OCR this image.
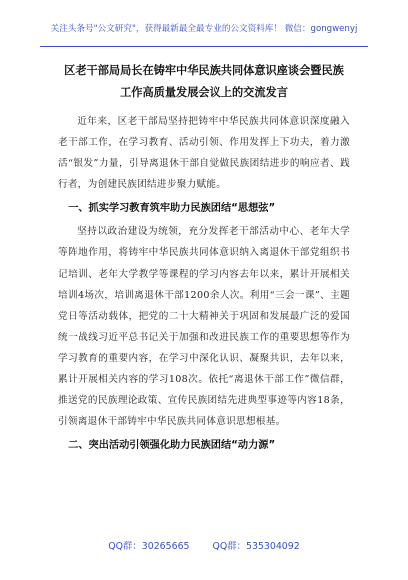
关注头条号"公文研究"，获得最新最全最专业的公文资料库！ 微信：gongwenyj
区老干部局局长在铸牢中华民族共同体意识座谈会暨民族
工作高质量发展会议上的交流发言

近年来，区老干部局坚持把铸牢中华民族共同体意识深度融入老干部工作，在学习教育、活动引领、作用发挥上下功夫，着力激活“银发”力量，引导离退休干部自觉做民族团结进步的响应者、践行者，为创建民族团结进步聚力赋能。

一、抓实学习教育筑牢助力民族团结“思想弦”

坚持以政治建设为统领，充分发挥老干部活动中心、老年大学等阵地作用，将铸牢中华民族共同体意识纳入离退休干部党组织书记培训、老年大学教学等课程的学习内容去年以来，累计开展相关培训4场次，培训离退休干部1200余人次。利用“三会一课”、主题党日等活动载体，把党的二十大精神关于巩固和发展最广泛的爱国统一战线习近平总书记关于加强和改进民族工作的重要思想等作为学习教育的重要内容，在学习中深化认识、凝聚共识，去年以来，累计开展相关内容的学习108次。依托“离退休干部工作”微信群，推送党的民族理论政策、宣传民族团结先进典型事迹等内容18条，引领离退休干部铸牢中华民族共同体意识思想根基。

二、突出活动引领强化助力民族团结“动力源”
QQ群：30265665 QQ群：535304092
